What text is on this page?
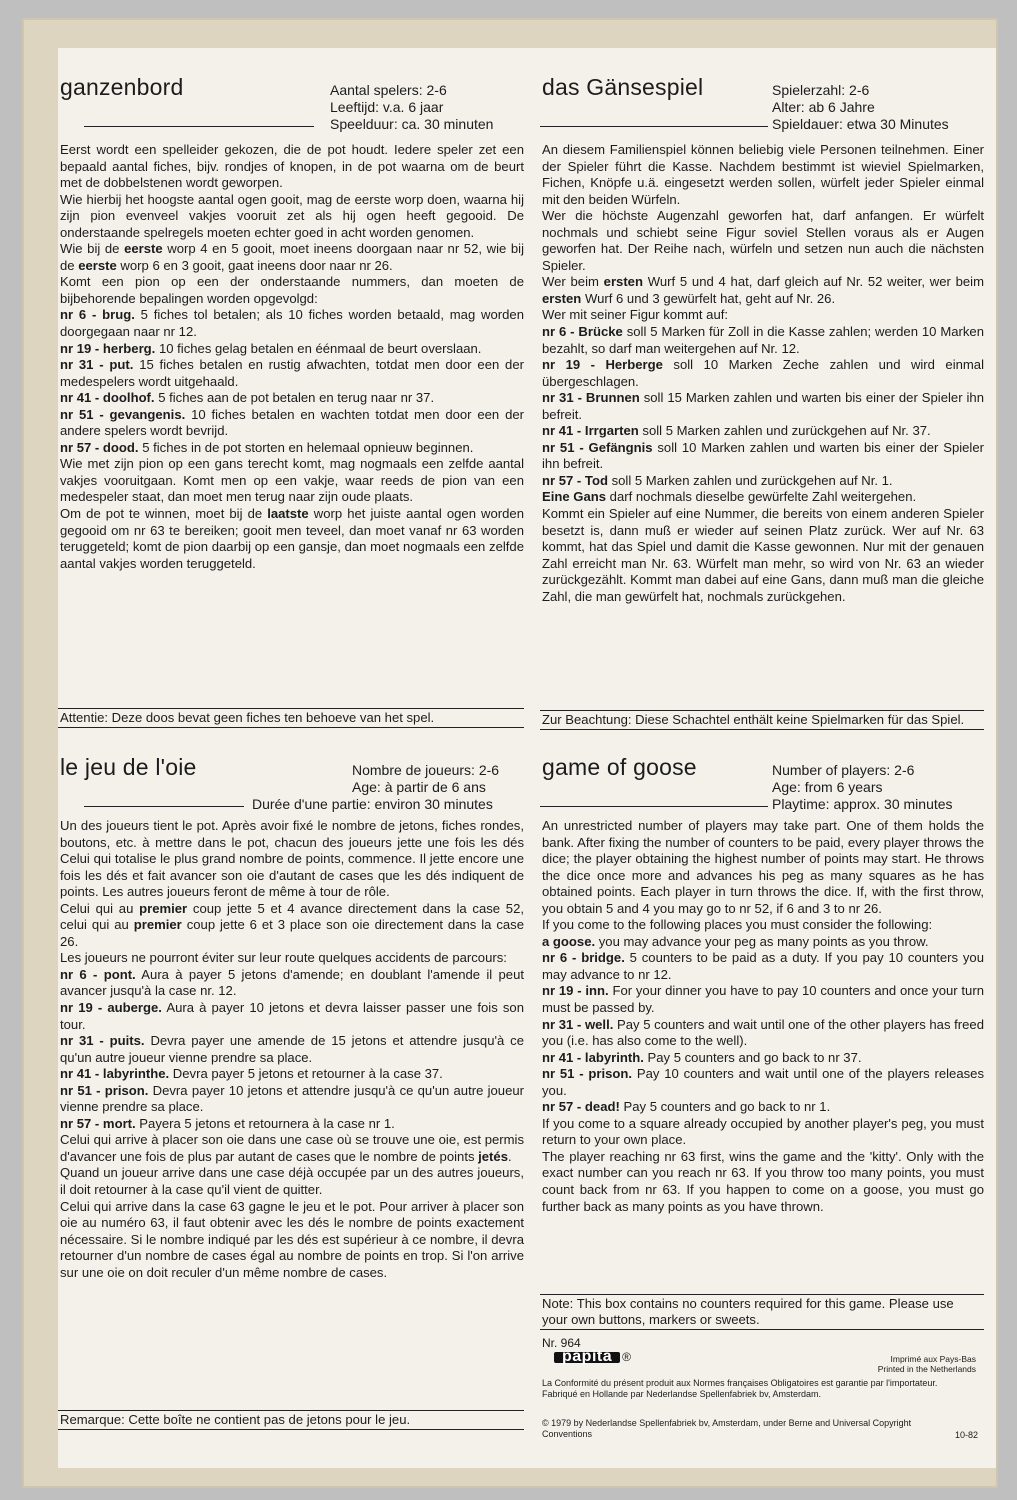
ganzenbord	Aantal spelers: 2-6
Leeftijd: v.a. 6 jaar
Speelduur: ca. 30 minuten

Eerst wordt een spelleider gekozen, die de pot houdt. Iedere speler zet een bepaald aantal fiches, bijv. rondjes of knopen, in de pot waarna om de beurt met de dobbelstenen wordt geworpen.

Wie hierbij het hoogste aantal ogen gooit, mag de eerste worp doen, waarna hij zijn pion evenveel vakjes vooruit zet als hij ogen heeft gegooid. De onderstaande spelregels moeten echter goed in acht worden genomen.

Wie bij de eerste worp 4 en 5 gooit, moet ineens doorgaan naar nr 52, wie bij de eerste worp 6 en 3 gooit, gaat ineens door naar nr 26.

Komt een pion op een der onderstaande nummers, dan moeten de bijbehorende bepalingen worden opgevolgd:

nr 6 - brug. 5 fiches tol betalen; als 10 fiches worden betaald, mag worden doorgegaan naar nr 12.

nr 19 - herberg. 10 fiches gelag betalen en éénmaal de beurt overslaan.

nr 31 - put. 15 fiches betalen en rustig afwachten, totdat men door een der medespelers wordt uitgehaald.

nr 41 - doolhof. 5 fiches aan de pot betalen en terug naar nr 37.

nr 51 - gevangenis. 10 fiches betalen en wachten totdat men door een der andere spelers wordt bevrijd.

nr 57 - dood. 5 fiches in de pot storten en helemaal opnieuw beginnen.

Wie met zijn pion op een gans terecht komt, mag nogmaals een zelfde aantal vakjes vooruitgaan. Komt men op een vakje, waar reeds de pion van een medespeler staat, dan moet men terug naar zijn oude plaats.

Om de pot te winnen, moet bij de laatste worp het juiste aantal ogen worden gegooid om nr 63 te bereiken; gooit men teveel, dan moet vanaf nr 63 worden teruggeteld; komt de pion daarbij op een gansje, dan moet nogmaals een zelfde aantal vakjes worden teruggeteld.

Attentie: Deze doos bevat geen fiches ten behoeve van het spel.
das Gänsespiel	Spielerzahl: 2-6
Alter: ab 6 Jahre
Spieldauer: etwa 30 Minutes

An diesem Familienspiel können beliebig viele Personen teilnehmen. Einer der Spieler führt die Kasse. Nachdem bestimmt ist wieviel Spielmarken, Fichen, Knöpfe u.ä. eingesetzt werden sollen, würfelt jeder Spieler einmal mit den beiden Würfeln.

Wer die höchste Augenzahl geworfen hat, darf anfangen. Er würfelt nochmals und schiebt seine Figur soviel Stellen voraus als er Augen geworfen hat. Der Reihe nach, würfeln und setzen nun auch die nächsten Spieler.

Wer beim ersten Wurf 5 und 4 hat, darf gleich auf Nr. 52 weiter, wer beim ersten Wurf 6 und 3 gewürfelt hat, geht auf Nr. 26.

Wer mit seiner Figur kommt auf:

nr 6 - Brücke soll 5 Marken für Zoll in die Kasse zahlen; werden 10 Marken bezahlt, so darf man weitergehen auf Nr. 12.

nr 19 - Herberge soll 10 Marken Zeche zahlen und wird einmal übergeschlagen.

nr 31 - Brunnen soll 15 Marken zahlen und warten bis einer der Spieler ihn befreit.

nr 41 - Irrgarten soll 5 Marken zahlen und zurückgehen auf Nr. 37.

nr 51 - Gefängnis soll 10 Marken zahlen und warten bis einer der Spieler ihn befreit.

nr 57 - Tod soll 5 Marken zahlen und zurückgehen auf Nr. 1.

Eine Gans darf nochmals dieselbe gewürfelte Zahl weitergehen.

Kommt ein Spieler auf eine Nummer, die bereits von einem anderen Spieler besetzt is, dann muß er wieder auf seinen Platz zurück. Wer auf Nr. 63 kommt, hat das Spiel und damit die Kasse gewonnen. Nur mit der genauen Zahl erreicht man Nr. 63. Würfelt man mehr, so wird von Nr. 63 an wieder zurückgezählt. Kommt man dabei auf eine Gans, dann muß man die gleiche Zahl, die man gewürfelt hat, nochmals zurückgehen.

Zur Beachtung: Diese Schachtel enthält keine Spielmarken für das Spiel.
le jeu de l'oie	Nombre de joueurs: 2-6
Age: à partir de 6 ans
Durée d'une partie: environ 30 minutes

Un des joueurs tient le pot. Après avoir fixé le nombre de jetons, fiches rondes, boutons, etc. à mettre dans le pot, chacun des joueurs jette une fois les dés Celui qui totalise le plus grand nombre de points, commence. Il jette encore une fois les dés et fait avancer son oie d'autant de cases que les dés indiquent de points. Les autres joueurs feront de même à tour de rôle.

Celui qui au premier coup jette 5 et 4 avance directement dans la case 52, celui qui au premier coup jette 6 et 3 place son oie directement dans la case 26.

Les joueurs ne pourront éviter sur leur route quelques accidents de parcours:

nr 6 - pont. Aura à payer 5 jetons d'amende; en doublant l'amende il peut avancer jusqu'à la case nr. 12.

nr 19 - auberge. Aura à payer 10 jetons et devra laisser passer une fois son tour.

nr 31 - puits. Devra payer une amende de 15 jetons et attendre jusqu'à ce qu'un autre joueur vienne prendre sa place.

nr 41 - labyrinthe. Devra payer 5 jetons et retourner à la case 37.

nr 51 - prison. Devra payer 10 jetons et attendre jusqu'à ce qu'un autre joueur vienne prendre sa place.

nr 57 - mort. Payera 5 jetons et retournera à la case nr 1.

Celui qui arrive à placer son oie dans une case où se trouve une oie, est permis d'avancer une fois de plus par autant de cases que le nombre de points jetés.

Quand un joueur arrive dans une case déjà occupée par un des autres joueurs, il doit retourner à la case qu'il vient de quitter.

Celui qui arrive dans la case 63 gagne le jeu et le pot. Pour arriver à placer son oie au numéro 63, il faut obtenir avec les dés le nombre de points exactement nécessaire. Si le nombre indiqué par les dés est supérieur à ce nombre, il devra retourner d'un nombre de cases égal au nombre de points en trop. Si l'on arrive sur une oie on doit reculer d'un même nombre de cases.

Remarque: Cette boîte ne contient pas de jetons pour le jeu.
game of goose	Number of players: 2-6
Age: from 6 years
Playtime: approx. 30 minutes

An unrestricted number of players may take part. One of them holds the bank. After fixing the number of counters to be paid, every player throws the dice; the player obtaining the highest number of points may start. He throws the dice once more and advances his peg as many squares as he has obtained points. Each player in turn throws the dice. If, with the first throw, you obtain 5 and 4 you may go to nr 52, if 6 and 3 to nr 26.

If you come to the following places you must consider the following:

a goose. you may advance your peg as many points as you throw.

nr 6 - bridge. 5 counters to be paid as a duty. If you pay 10 counters you may advance to nr 12.

nr 19 - inn. For your dinner you have to pay 10 counters and once your turn must be passed by.

nr 31 - well. Pay 5 counters and wait until one of the other players has freed you (i.e. has also come to the well).

nr 41 - labyrinth. Pay 5 counters and go back to nr 37.

nr 51 - prison. Pay 10 counters and wait until one of the players releases you.

nr 57 - dead! Pay 5 counters and go back to nr 1.

If you come to a square already occupied by another player's peg, you must return to your own place.

The player reaching nr 63 first, wins the game and the 'kitty'. Only with the exact number can you reach nr 63. If you throw too many points, you must count back from nr 63. If you happen to come on a goose, you must go further back as many points as you have thrown.

Note: This box contains no counters required for this game. Please use your own buttons, markers or sweets.
Nr. 964
papita ®	Imprimé aux Pays-Bas
Printed in the Netherlands
La Conformité du présent produit aux Normes françaises Obligatoires est garantie par l'importateur. Fabriqué en Hollande par Nederlandse Spellenfabriek bv, Amsterdam.
© 1979 by Nederlandse Spellenfabriek bv, Amsterdam, under Berne and Universal Copyright Conventions	10-82
